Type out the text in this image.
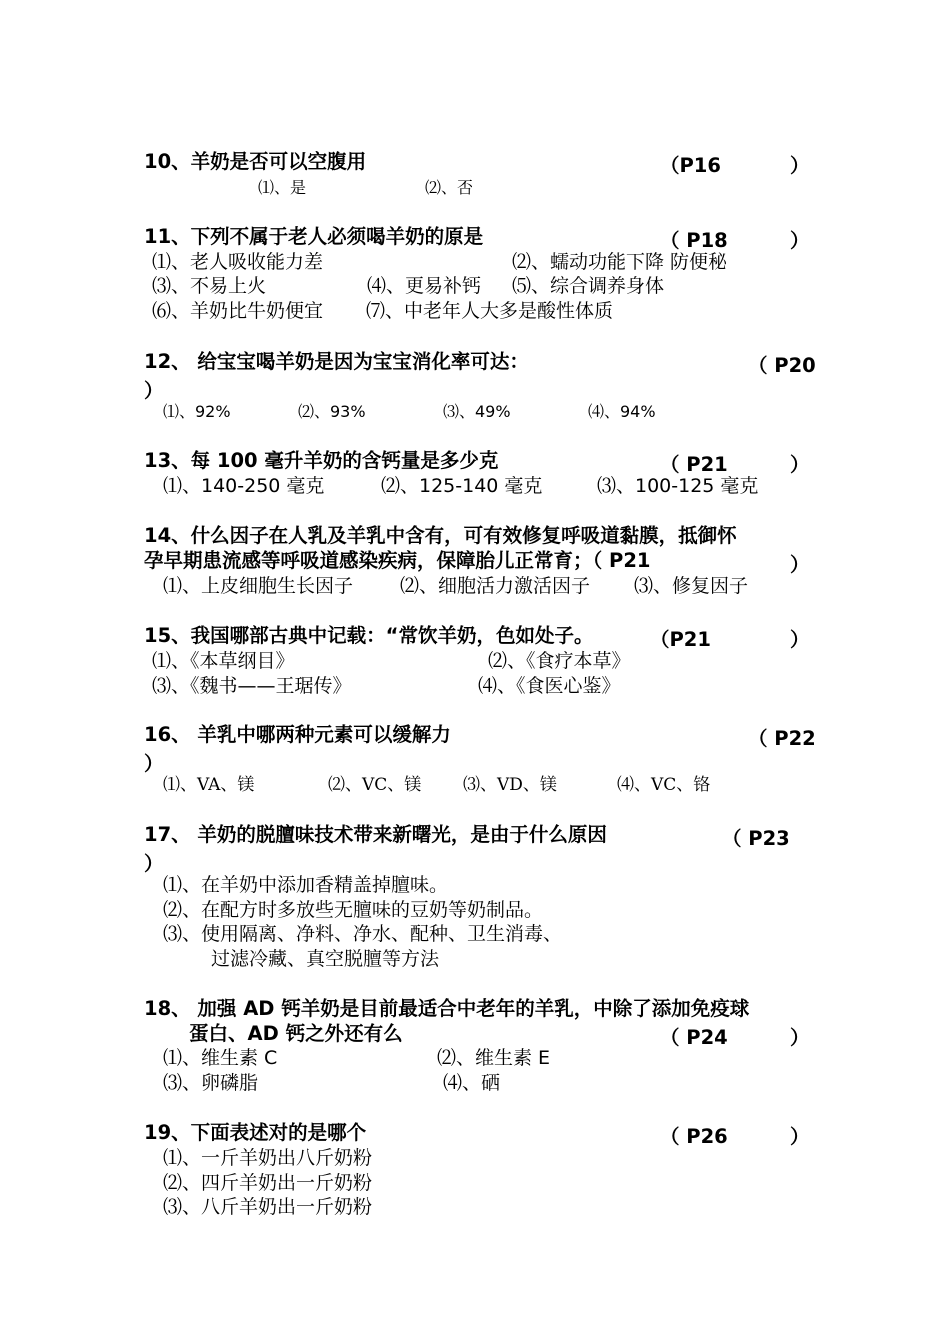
10、羊奶是否可以空腹用	（P16	）
⑴、是	⑵、否
11、下列不属于老人必须喝羊奶的原是	（ P18	）
⑴、老人吸收能力差	⑵、蠕动功能下降 防便秘
⑶、不易上火	⑷、更易补钙 ⑸、综合调养身体
⑹、羊奶比牛奶便宜 ⑺、中老年人大多是酸性体质
12、 给宝宝喝羊奶是因为宝宝消化率可达：	（ P20
）
⑴、92%	⑵、93%	⑶、49%	⑷、94%
13、每 100 毫升羊奶的含钙量是多少克	（ P21	）
⑴、140-250 毫克	⑵、125-140 毫克	⑶、100-125 毫克
14、什么因子在人乳及羊乳中含有，可有效修复呼吸道黏膜，抵御怀
孕早期患流感等呼吸道感染疾病，保障胎儿正常育；（ P21	）
⑴、上皮细胞生长因子 ⑵、细胞活力激活因子 ⑶、修复因子
15、我国哪部古典中记载：“常饮羊奶，色如处子。	（P21	）
⑴、《本草纲目》	⑵、《食疗本草》
⑶、《魏书——王琚传》	⑷、《食医心鉴》
16、 羊乳中哪两种元素可以缓解力	（ P22
）
⑴、VA、镁	⑵、VC、镁 ⑶、VD、镁	⑷、VC、铬
17、 羊奶的脱膻味技术带来新曙光，是由于什么原因	（ P23
）
⑴、在羊奶中添加香精盖掉膻味。
⑵、在配方时多放些无膻味的豆奶等奶制品。
⑶、使用隔离、净料、净水、配种、卫生消毒、
过滤冷藏、真空脱膻等方法
18、 加强 AD 钙羊奶是目前最适合中老年的羊乳，中除了添加免疫球
蛋白、AD 钙之外还有么	（ P24	）
⑴、维生素 C	⑵、维生素 E
⑶、卵磷脂	⑷、硒
19、下面表述对的是哪个	（ P26	）
⑴、一斤羊奶出八斤奶粉
⑵、四斤羊奶出一斤奶粉
⑶、八斤羊奶出一斤奶粉
